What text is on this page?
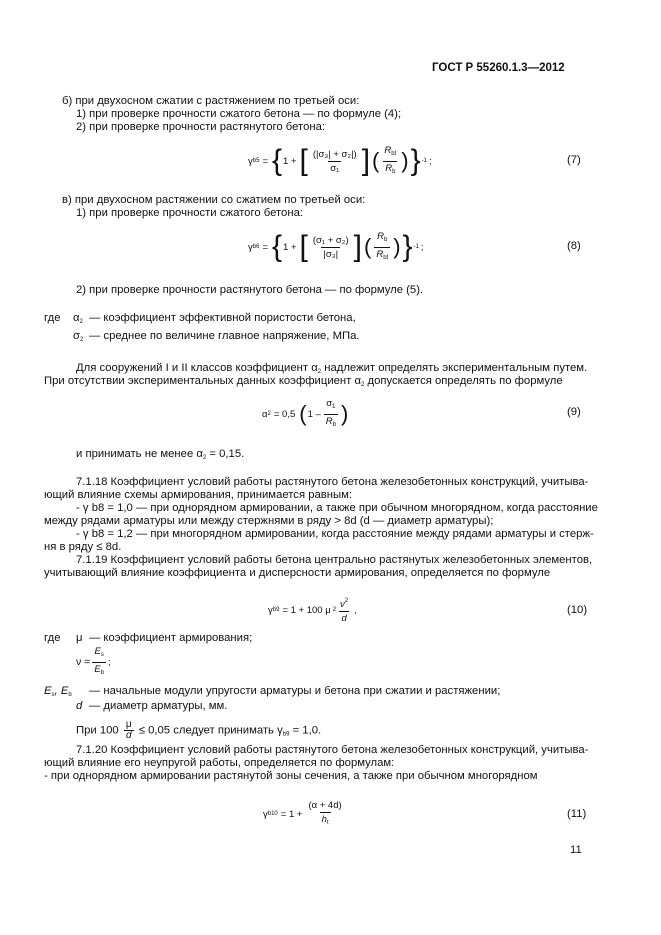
ГОСТ Р 55260.1.3—2012
б) при двухосном сжатии с растяжением по третьей оси:
1) при проверке прочности сжатого бетона — по формуле (4);
2) при проверке прочности растянутого бетона:
γ b5 = { 1 + [ $\frac{\text{(|σ₃| + σ₂|)}}{\text{σ₁}}$ ] ( $\frac{R_{bt}}{R_b}$ ) } -1 ;	(7)
в) при двухосном растяжении со сжатием по третьей оси:
1) при проверке прочности сжатого бетона:
γ b6 = { 1 + [ $\frac{\text{(σ₁ + σ₂)}}{\text{|σ₃|}}$ ] ( $\frac{R_b}{R_{bt}}$ ) } -1 ;	(8)
2) при проверке прочности растянутого бетона — по формуле (5).
где $\alpha_2$ — коэффициент эффективной пористости бетона,
$\sigma_2$ — среднее по величине главное напряжение, МПа.
Для сооружений I и II классов коэффициент $\alpha_2$ надлежит определять экспериментальным путем.
При отсутствии экспериментальных данных коэффициент $\alpha_2$ допускается определять по формуле
α 2 = 0,5 ( $1 - \frac{\sigma_1}{R_b}$ )	(9)
и принимать не менее $\alpha_2 = 0,15$.
7.1.18 Коэффициент условий работы растянутого бетона железобетонных конструкций, учитыва-
ющий влияние схемы армирования, принимается равным:
- γ b8 = 1,0 — при однорядном армировании, а также при обычном многорядном, когда расстояние
между рядами арматуры или между стержнями в ряду > 8d (d — диаметр арматуры);
- γ b8 = 1,2 — при многорядном армировании, когда расстояние между рядами арматуры и стерж-
ня в ряду ≤ 8d.
7.1.19 Коэффициент условий работы бетона центрально растянутых железобетонных элементов,
учитывающий влияние коэффициента и дисперсности армирования, определяется по формуле
γ b9 = 1 + 100 μ $2 \frac{\nu^2}{d}$ ,	(10)
где μ — коэффициент армирования;
$\nu = \frac{E_s}{E_b}$ ;
$E_s$, $E_b$ — начальные модули упругости арматуры и бетона при сжатии и растяжении;
d — диаметр арматуры, мм.
При $100 \frac{\mu}{d} \le 0,05$ следует принимать $\gamma_{b9} = 1,0$.
7.1.20 Коэффициент условий работы растянутого бетона железобетонных конструкций, учитыва-
ющий влияние его неупругой работы, определяется по формулам:
- при однорядном армировании растянутой зоны сечения, а также при обычном многорядном
γ $b10 = 1 + \frac{(\alpha + 4d)}{h_t}$	(11)
11
